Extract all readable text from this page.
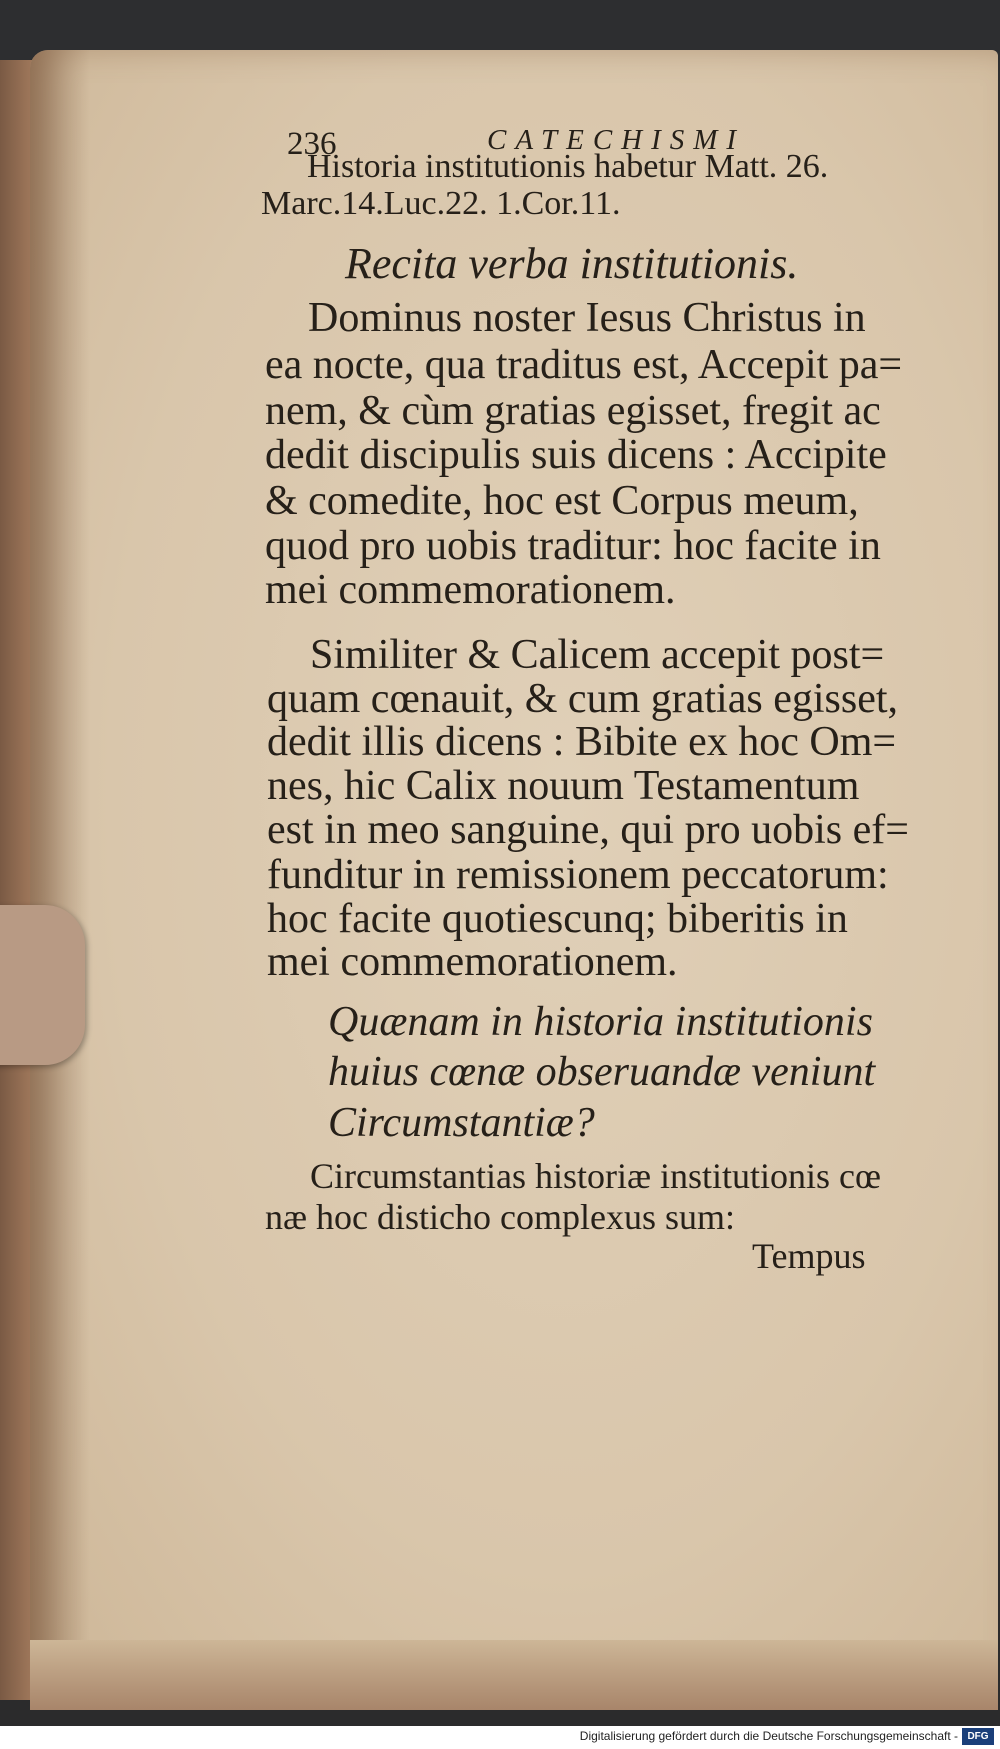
236	CATECHISMI
Historia institutionis habetur Matt. 26.
Marc.14.Luc.22. 1.Cor.11.
Recita verba institutionis.
Dominus noster Iesus Christus in
ea nocte, qua traditus est, Accepit pa=
nem, & cùm gratias egisset, fregit ac
dedit discipulis suis dicens : Accipite
& comedite, hoc est Corpus meum,
quod pro uobis traditur: hoc facite in
mei commemorationem.
Similiter & Calicem accepit post=
quam cœnauit, & cum gratias egisset,
dedit illis dicens : Bibite ex hoc Om=
nes, hic Calix nouum Testamentum
est in meo sanguine, qui pro uobis ef=
funditur in remissionem peccatorum:
hoc facite quotiescunq; biberitis in
mei commemorationem.
Quænam in historia institutionis
huius cœnæ obseruandæ veniunt
Circumstantiæ?
Circumstantias historiæ institutionis cœ
næ hoc disticho complexus sum:
Tempus
Digitalisierung gefördert durch die Deutsche Forschungsgemeinschaft - DFG
